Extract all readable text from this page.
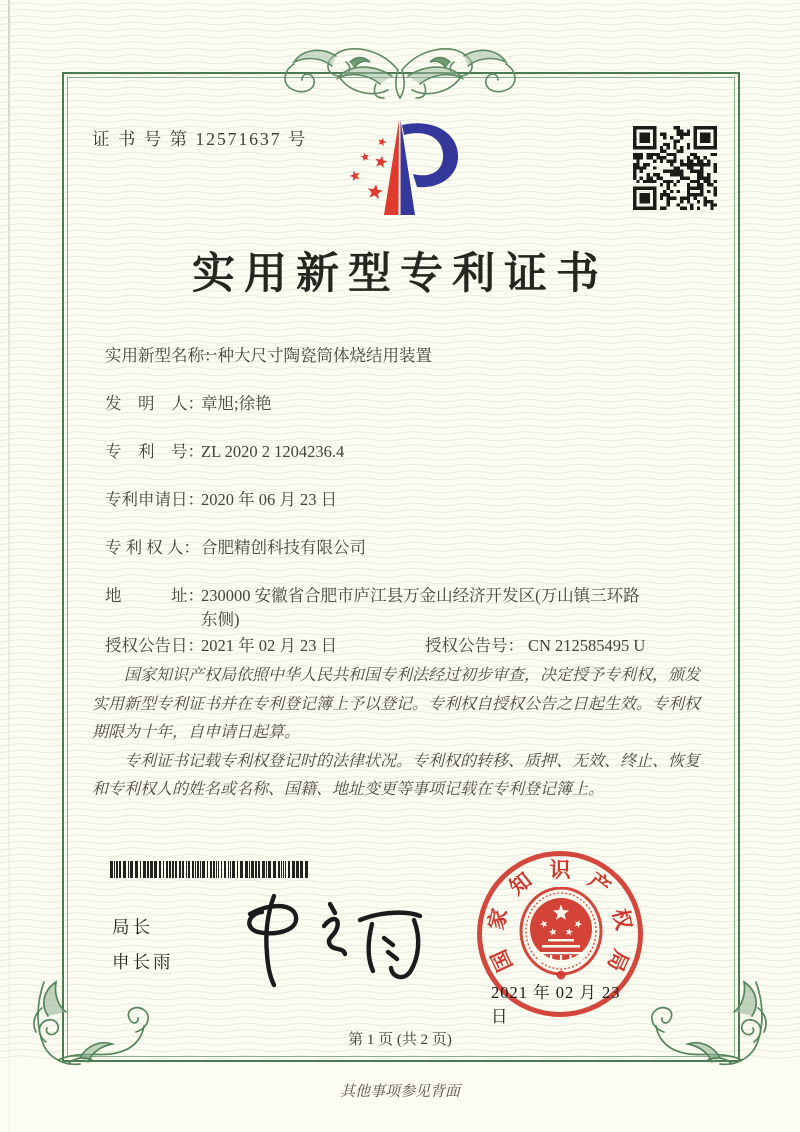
证 书 号 第 12571637 号
实用新型专利证书
实用新型名称：
一种大尺寸陶瓷筒体烧结用装置
发　明　人：
章旭;徐艳
专　利　号：
ZL 2020 2 1204236.4
专利申请日：
2020 年 06 月 23 日
专 利 权 人： 合肥精创科技有限公司
地　　　址：
230000 安徽省合肥市庐江县万金山经济开发区(万山镇三环路东侧)
授权公告日：
2021 年 02 月 23 日	授权公告号： CN 212585495 U

国家知识产权局依照中华人民共和国专利法经过初步审查，决定授予专利权，颁发实用新型专利证书并在专利登记簿上予以登记。专利权自授权公告之日起生效。专利权期限为十年，自申请日起算。

专利证书记载专利权登记时的法律状况。专利权的转移、质押、无效、终止、恢复和专利权人的姓名或名称、国籍、地址变更等事项记载在专利登记簿上。

局长
申长雨	国
家
知 识 产
权
局
2021 年 02 月 23 日
第 1 页 (共 2 页)
其他事项参见背面
